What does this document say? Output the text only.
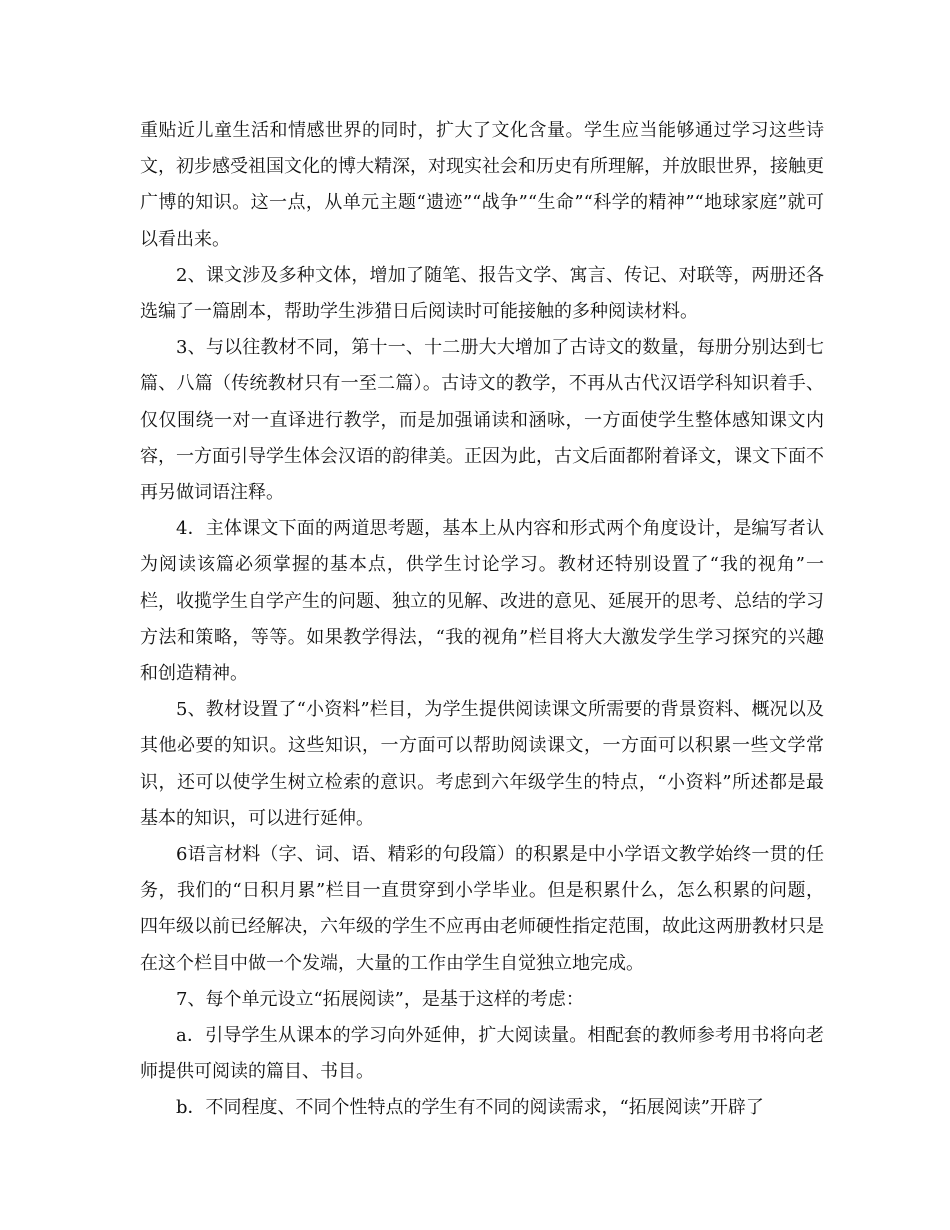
重贴近儿童生活和情感世界的同时，扩大了文化含量。学生应当能够通过学习这些诗文，初步感受祖国文化的博大精深，对现实社会和历史有所理解，并放眼世界，接触更广博的知识。这一点，从单元主题“遗迹”“战争”“生命”“科学的精神”“地球家庭”就可以看出来。

2、课文涉及多种文体，增加了随笔、报告文学、寓言、传记、对联等，两册还各选编了一篇剧本，帮助学生涉猎日后阅读时可能接触的多种阅读材料。

3、与以往教材不同，第十一、十二册大大增加了古诗文的数量，每册分别达到七篇、八篇（传统教材只有一至二篇）。古诗文的教学，不再从古代汉语学科知识着手、仅仅围绕一对一直译进行教学，而是加强诵读和涵咏，一方面使学生整体感知课文内容，一方面引导学生体会汉语的韵律美。正因为此，古文后面都附着译文，课文下面不再另做词语注释。

4．主体课文下面的两道思考题，基本上从内容和形式两个角度设计，是编写者认为阅读该篇必须掌握的基本点，供学生讨论学习。教材还特别设置了“我的视角”一栏，收揽学生自学产生的问题、独立的见解、改进的意见、延展开的思考、总结的学习方法和策略，等等。如果教学得法，“我的视角”栏目将大大激发学生学习探究的兴趣和创造精神。

5、教材设置了“小资料”栏目，为学生提供阅读课文所需要的背景资料、概况以及其他必要的知识。这些知识，一方面可以帮助阅读课文，一方面可以积累一些文学常识，还可以使学生树立检索的意识。考虑到六年级学生的特点，“小资料”所述都是最基本的知识，可以进行延伸。

6语言材料（字、词、语、精彩的句段篇）的积累是中小学语文教学始终一贯的任务，我们的“日积月累”栏目一直贯穿到小学毕业。但是积累什么，怎么积累的问题，四年级以前已经解决，六年级的学生不应再由老师硬性指定范围，故此这两册教材只是在这个栏目中做一个发端，大量的工作由学生自觉独立地完成。

7、每个单元设立“拓展阅读”，是基于这样的考虑：

a．引导学生从课本的学习向外延伸，扩大阅读量。相配套的教师参考用书将向老师提供可阅读的篇目、书目。

b．不同程度、不同个性特点的学生有不同的阅读需求，“拓展阅读”开辟了
